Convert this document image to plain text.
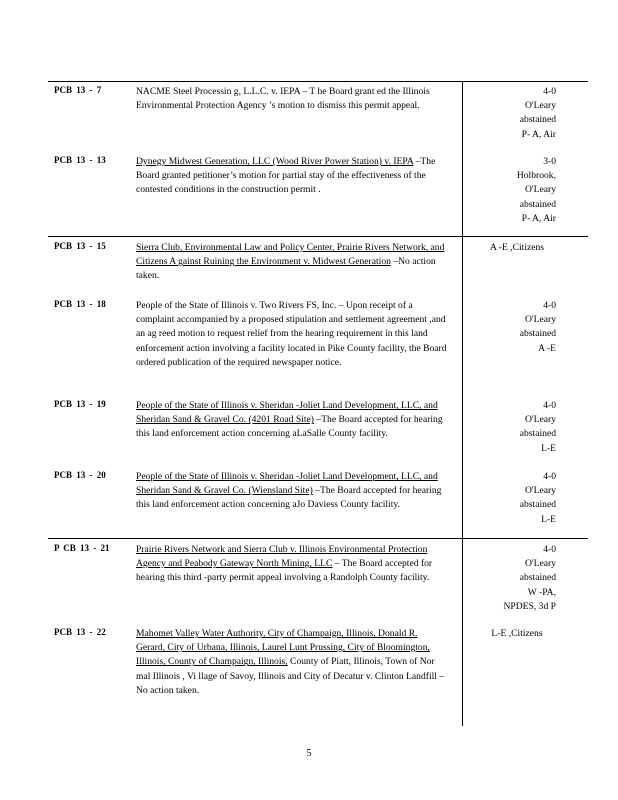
PCB 13 - 7	NACME Steel Processin g, L.L.C. v. IEPA – T he Board grant ed the Illinois Environmental Protection Agency ’s motion to dismiss this permit appeal.
4-0
O'Leary
abstained
P- A, Air
PCB 13 - 13	Dynegy Midwest Generation, LLC (Wood River Power Station) v. IEPA –The Board granted petitioner’s motion for partial stay of the effectiveness of the contested conditions in the construction permit .
3-0
Holbrook,
O'Leary
abstained
P- A, Air
PCB 13 - 15	Sierra Club, Environmental Law and Policy Center, Prairie Rivers Network, and Citizens A gainst Ruining the Environment v. Midwest Generation –No action taken.
A -E ,Citizens
PCB 13 - 18	People of the State of Illinois v. Two Rivers FS, Inc. – Upon receipt of a complaint accompanied by a proposed stipulation and settlement agreement ,and an ag reed motion to request relief from the hearing requirement in this land enforcement action involving a facility located in Pike County facility, the Board ordered publication of the required newspaper notice.
4-0
O'Leary
abstained
A -E
PCB 13 - 19	People of the State of Illinois v. Sheridan -Joliet Land Development, LLC, and Sheridan Sand & Gravel Co. (4201 Road Site) –The Board accepted for hearing this land enforcement action concerning aLaSalle County facility.
4-0
O'Leary
abstained
L-E
PCB 13 - 20	People of the State of Illinois v. Sheridan -Joliet Land Development, LLC, and Sheridan Sand & Gravel Co. (Wiensland Site) –The Board accepted for hearing this land enforcement action concerning aJo Daviess County facility.
4-0
O'Leary
abstained
L-E
P CB 13 - 21	Prairie Rivers Network and Sierra Club v. Illinois Environmental Protection Agency and Peabody Gateway North Mining, LLC – The Board accepted for hearing this third -party permit appeal involving a Randolph County facility.
4-0
O'Leary
abstained
W -PA,
NPDES, 3d P
PCB 13 - 22	Mahomet Valley Water Authority, City of Champaign, Illinois, Donald R. Gerard, City of Urbana, Illinois, Laurel Lunt Prussing, City of Bloomington, Illinois, County of Champaign, Illinois, County of Piatt, Illinois, Town of Nor mal Illinois , Vi llage of Savoy, Illinois and City of Decatur v. Clinton Landfill –No action taken.
L-E ,Citizens
5
